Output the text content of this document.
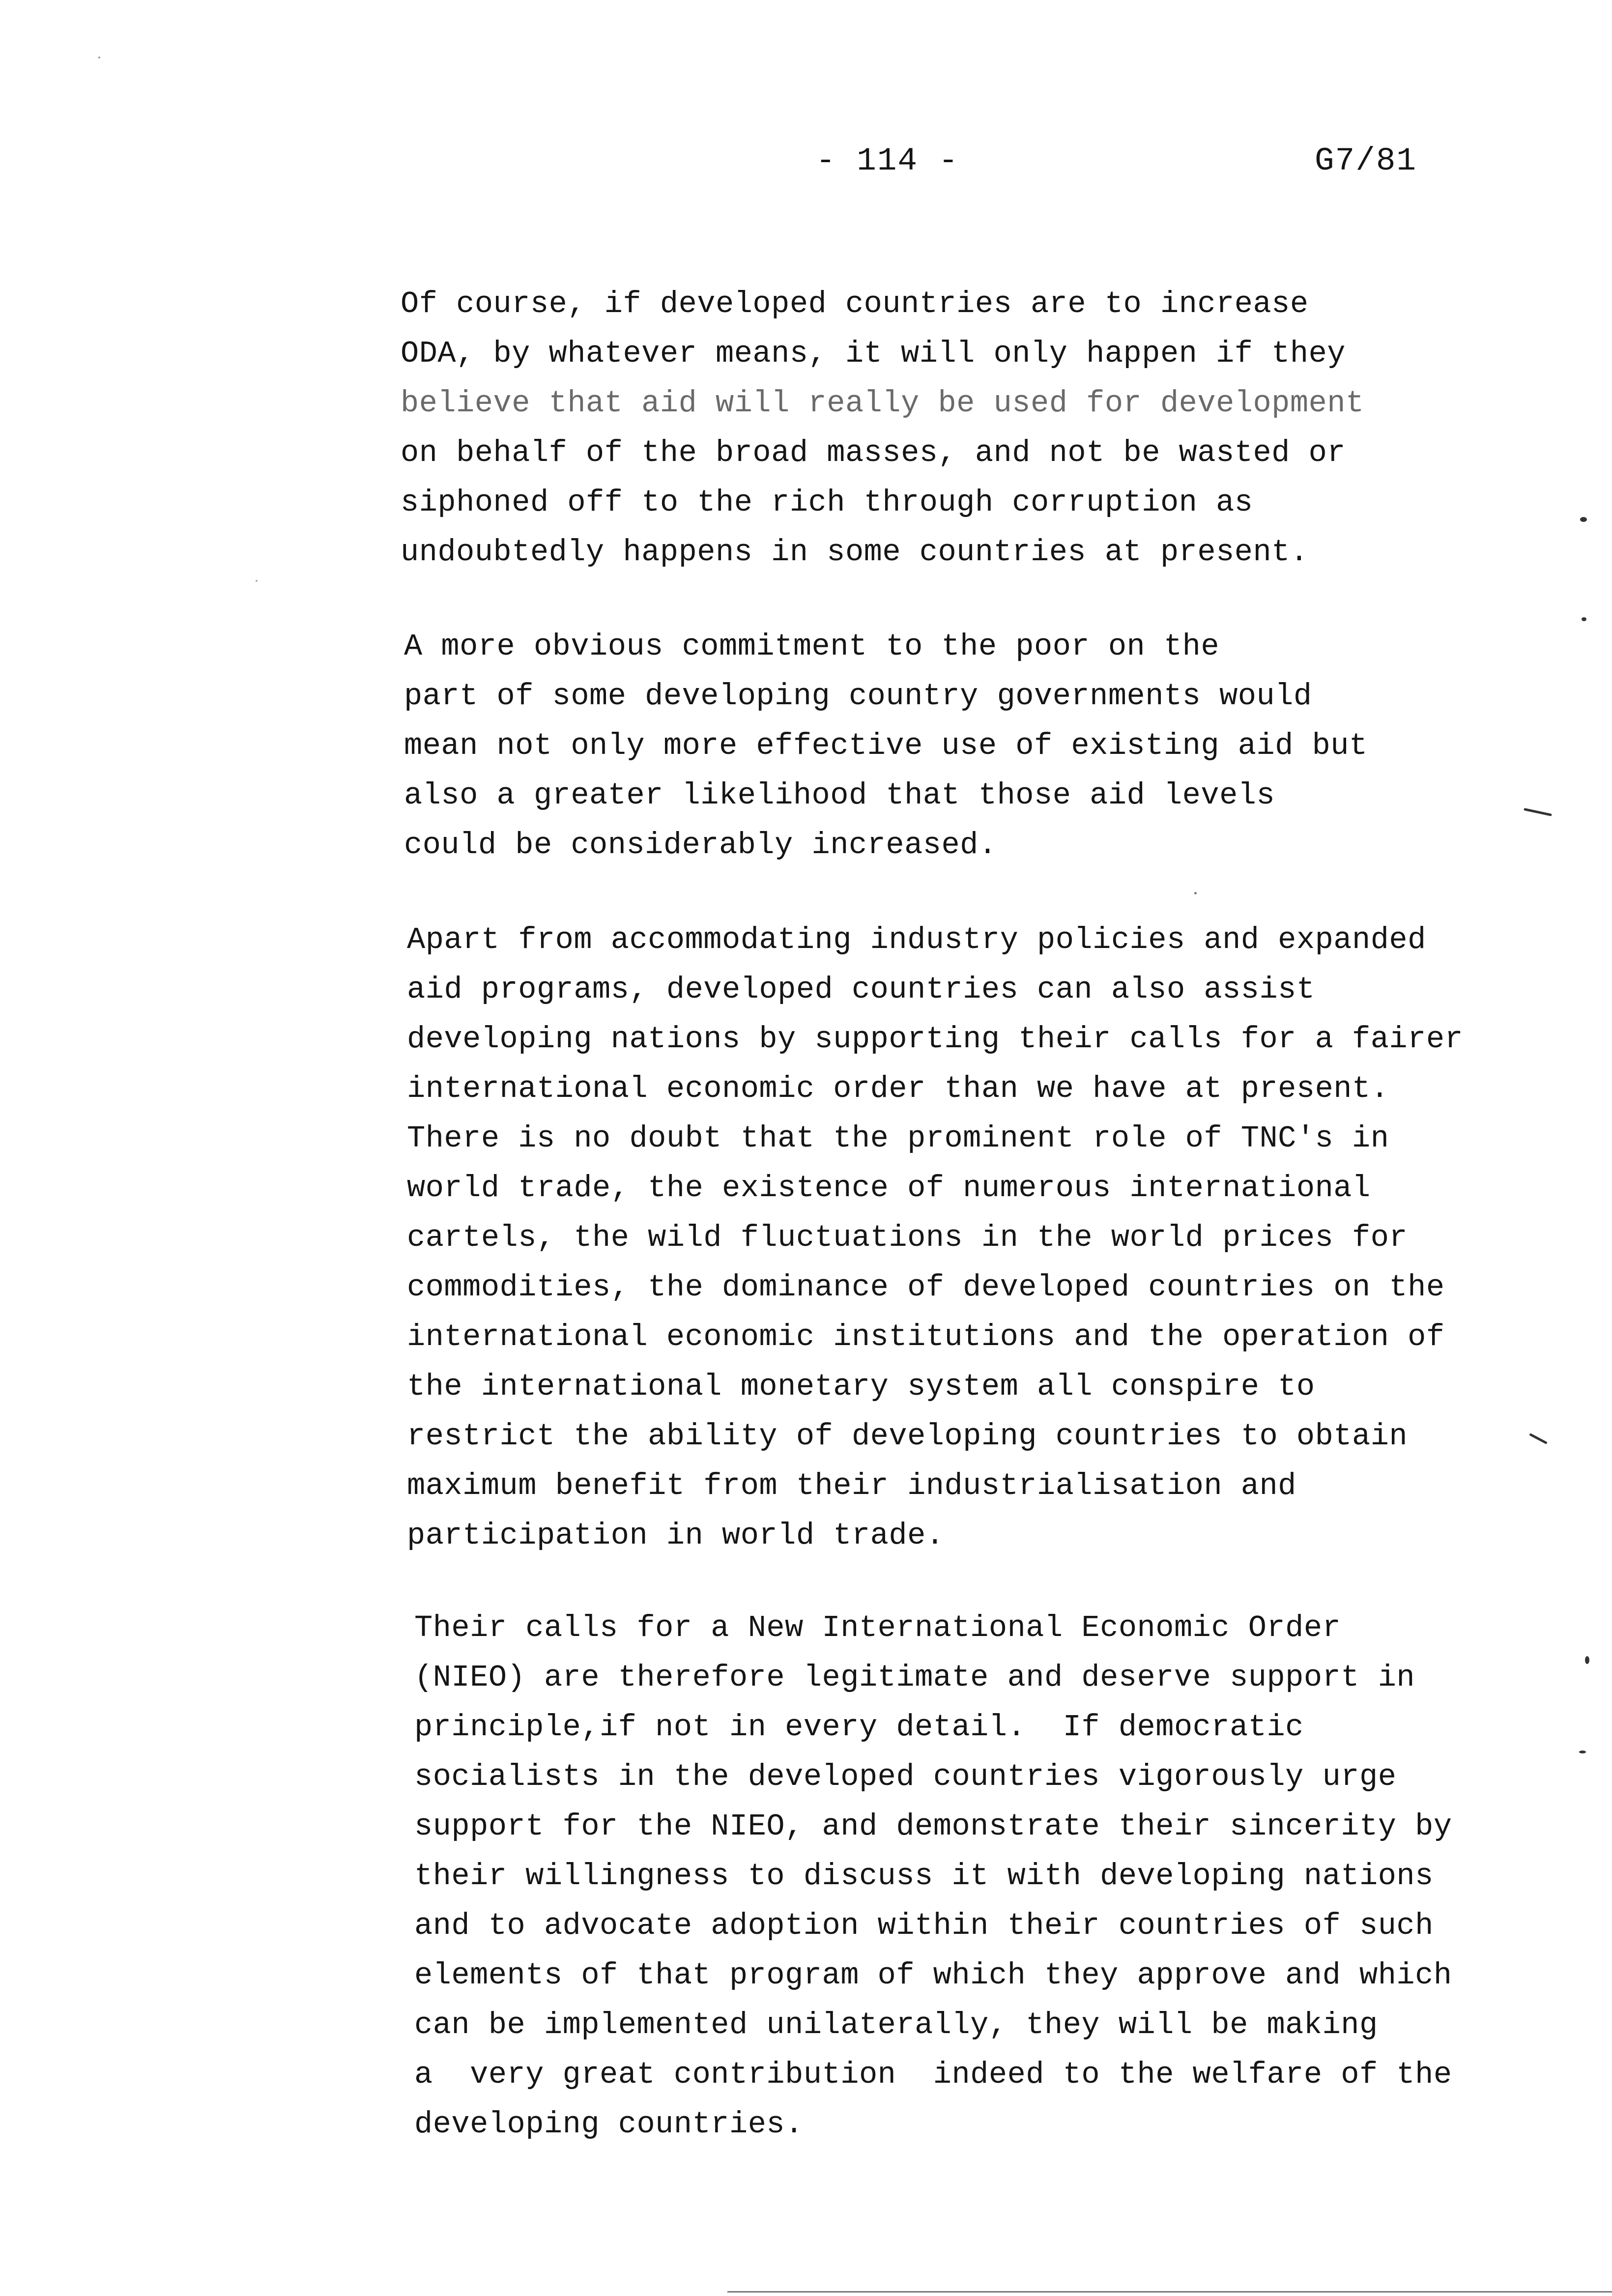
- 114 -	G7/81
Of course, if developed countries are to increase
ODA, by whatever means, it will only happen if they
believe that aid will really be used for development
on behalf of the broad masses, and not be wasted or
siphoned off to the rich through corruption as
undoubtedly happens in some countries at present.
A more obvious commitment to the poor on the
part of some developing country governments would
mean not only more effective use of existing aid but
also a greater likelihood that those aid levels
could be considerably increased.
Apart from accommodating industry policies and expanded
aid programs, developed countries can also assist
developing nations by supporting their calls for a fairer
international economic order than we have at present.
There is no doubt that the prominent role of TNC's in
world trade, the existence of numerous international
cartels, the wild fluctuations in the world prices for
commodities, the dominance of developed countries on the
international economic institutions and the operation of
the international monetary system all conspire to
restrict the ability of developing countries to obtain
maximum benefit from their industrialisation and
participation in world trade.
Their calls for a New International Economic Order
(NIEO) are therefore legitimate and deserve support in
principle,if not in every detail.  If democratic
socialists in the developed countries vigorously urge
support for the NIEO, and demonstrate their sincerity by
their willingness to discuss it with developing nations
and to advocate adoption within their countries of such
elements of that program of which they approve and which
can be implemented unilaterally, they will be making
a  very great contribution  indeed to the welfare of the
developing countries.
